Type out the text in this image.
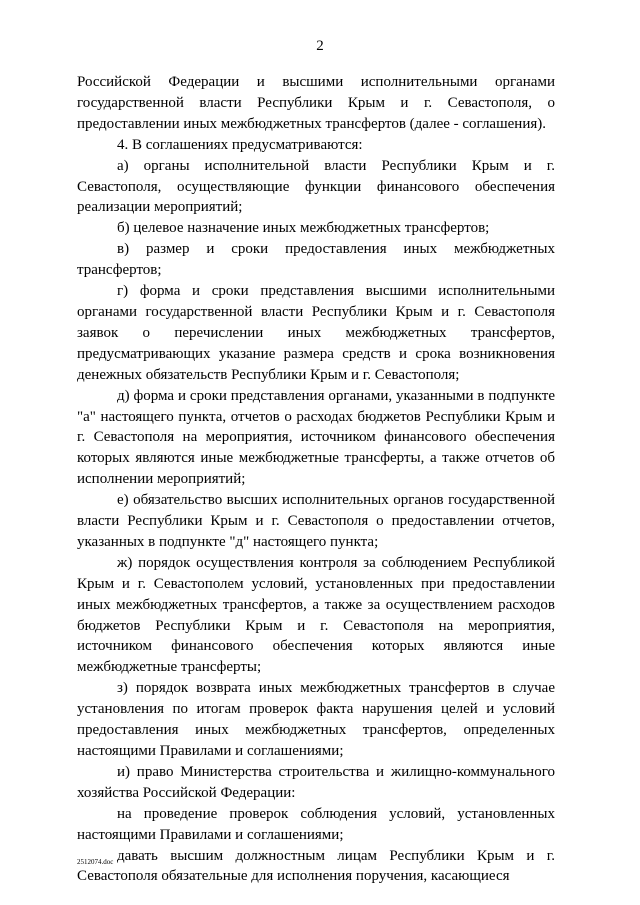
2

Российской Федерации и высшими исполнительными органами государственной власти Республики Крым и г. Севастополя, о предоставлении иных межбюджетных трансфертов (далее - соглашения).

4. В соглашениях предусматриваются:

а) органы исполнительной власти Республики Крым и г. Севастополя, осуществляющие функции финансового обеспечения реализации мероприятий;

б) целевое назначение иных межбюджетных трансфертов;

в) размер и сроки предоставления иных межбюджетных трансфертов;

г) форма и сроки представления высшими исполнительными органами государственной власти Республики Крым и г. Севастополя заявок о перечислении иных межбюджетных трансфертов, предусматривающих указание размера средств и срока возникновения денежных обязательств Республики Крым и г. Севастополя;

д) форма и сроки представления органами, указанными в подпункте "а" настоящего пункта, отчетов о расходах бюджетов Республики Крым и г. Севастополя на мероприятия, источником финансового обеспечения которых являются иные межбюджетные трансферты, а также отчетов об исполнении мероприятий;

е) обязательство высших исполнительных органов государственной власти Республики Крым и г. Севастополя о предоставлении отчетов, указанных в подпункте "д" настоящего пункта;

ж) порядок осуществления контроля за соблюдением Республикой Крым и г. Севастополем условий, установленных при предоставлении иных межбюджетных трансфертов, а также за осуществлением расходов бюджетов Республики Крым и г. Севастополя на мероприятия, источником финансового обеспечения которых являются иные межбюджетные трансферты;

з) порядок возврата иных межбюджетных трансфертов в случае установления по итогам проверок факта нарушения целей и условий предоставления иных межбюджетных трансфертов, определенных настоящими Правилами и соглашениями;

и) право Министерства строительства и жилищно-коммунального хозяйства Российской Федерации:

на проведение проверок соблюдения условий, установленных настоящими Правилами и соглашениями;

давать высшим должностным лицам Республики Крым и г. Севастополя обязательные для исполнения поручения, касающиеся

2512074.doc
